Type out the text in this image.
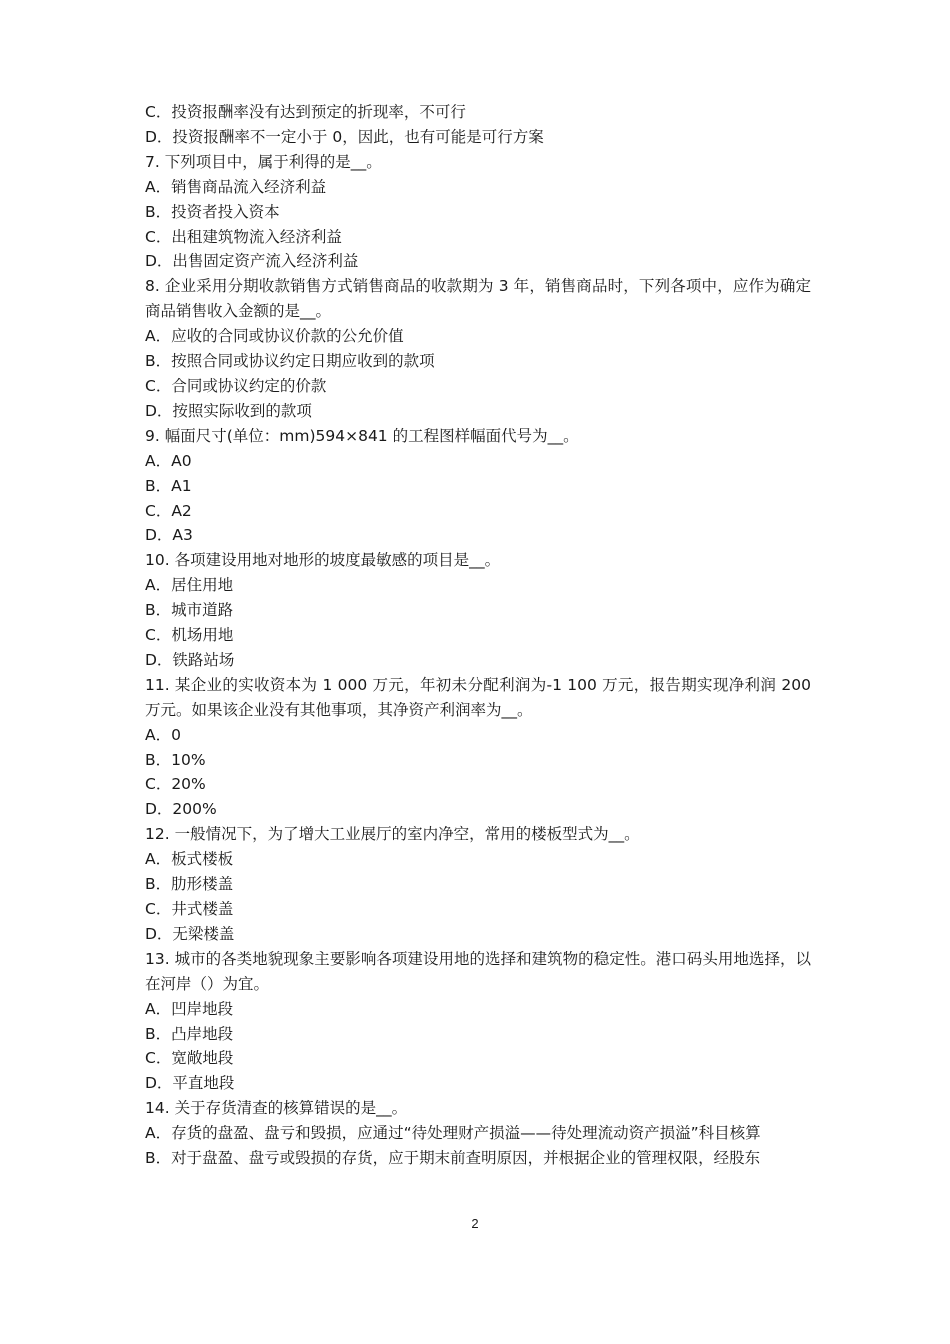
C．投资报酬率没有达到预定的折现率，不可行
D．投资报酬率不一定小于 0，因此，也有可能是可行方案
7. 下列项目中，属于利得的是__。
A．销售商品流入经济利益
B．投资者投入资本
C．出租建筑物流入经济利益
D．出售固定资产流入经济利益
8. 企业采用分期收款销售方式销售商品的收款期为 3 年，销售商品时，下列各项中，应作为确定商品销售收入金额的是__。
A．应收的合同或协议价款的公允价值
B．按照合同或协议约定日期应收到的款项
C．合同或协议约定的价款
D．按照实际收到的款项
9. 幅面尺寸(单位：mm)594×841 的工程图样幅面代号为__。
A．A0
B．A1
C．A2
D．A3
10. 各项建设用地对地形的坡度最敏感的项目是__。
A．居住用地
B．城市道路
C．机场用地
D．铁路站场
11. 某企业的实收资本为 1 000 万元，年初未分配利润为-1 100 万元，报告期实现净利润 200 万元。如果该企业没有其他事项，其净资产利润率为__。
A．0
B．10%
C．20%
D．200%
12. 一般情况下，为了增大工业展厅的室内净空，常用的楼板型式为__。
A．板式楼板
B．肋形楼盖
C．井式楼盖
D．无梁楼盖
13. 城市的各类地貌现象主要影响各项建设用地的选择和建筑物的稳定性。港口码头用地选择，以在河岸（）为宜。
A．凹岸地段
B．凸岸地段
C．宽敞地段
D．平直地段
14. 关于存货清查的核算错误的是__。
A．存货的盘盈、盘亏和毁损，应通过“待处理财产损溢——待处理流动资产损溢”科目核算
B．对于盘盈、盘亏或毁损的存货，应于期末前查明原因，并根据企业的管理权限，经股东
2
